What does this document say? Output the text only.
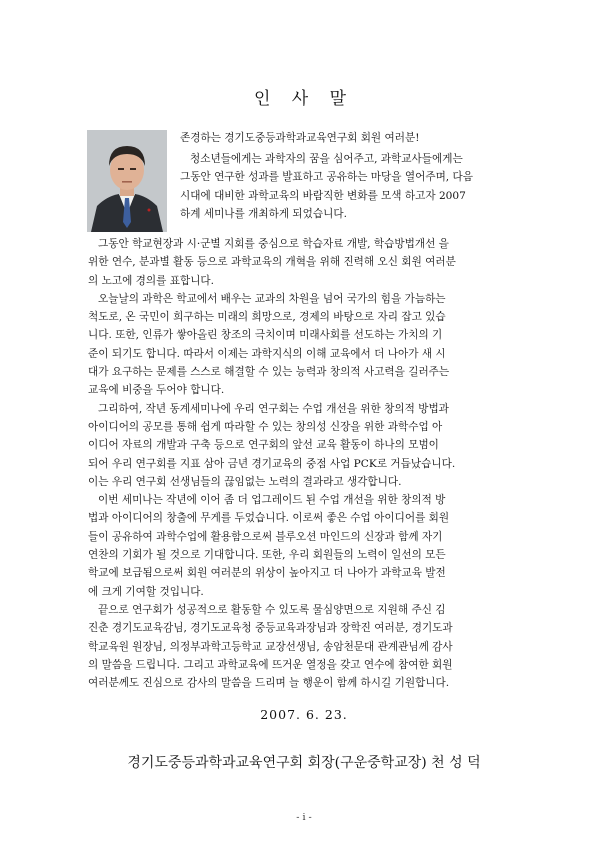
인 사 말
존경하는 경기도중등과학과교육연구회 회원 여러분!
청소년들에게는 과학자의 꿈을 심어주고, 과학교사들에게는
그동안 연구한 성과를 발표하고 공유하는 마당을 열어주며, 다음
시대에 대비한 과학교육의 바람직한 변화를 모색 하고자 2007
하계 세미나를 개최하게 되었습니다.
그동안 학교현장과 시·군별 지회를 중심으로 학습자료 개발, 학습방법개선 을
위한 연수, 분과별 활동 등으로 과학교육의 개혁을 위해 진력해 오신 회원 여러분
의 노고에 경의를 표합니다.
오늘날의 과학은 학교에서 배우는 교과의 차원을 넘어 국가의 힘을 가늠하는
척도로, 온 국민이 희구하는 미래의 희망으로, 경제의 바탕으로 자리 잡고 있습
니다. 또한, 인류가 쌓아올린 창조의 극치이며 미래사회를 선도하는 가치의 기
준이 되기도 합니다. 따라서 이제는 과학지식의 이해 교육에서 더 나아가 새 시
대가 요구하는 문제를 스스로 해결할 수 있는 능력과 창의적 사고력을 길러주는
교육에 비중을 두어야 합니다.
그리하여, 작년 동계세미나에 우리 연구회는 수업 개선을 위한 창의적 방법과
아이디어의 공모를 통해 쉽게 따라할 수 있는 창의성 신장을 위한 과학수업 아
이디어 자료의 개발과 구축 등으로 연구회의 앞선 교육 활동이 하나의 모범이
되어 우리 연구회를 지표 삼아 금년 경기교육의 중점 사업 PCK로 거듭났습니다.
이는 우리 연구회 선생님들의 끊임없는 노력의 결과라고 생각합니다.
이번 세미나는 작년에 이어 좀 더 업그레이드 된 수업 개선을 위한 창의적 방
법과 아이디어의 창출에 무게를 두었습니다. 이로써 좋은 수업 아이디어를 회원
들이 공유하여 과학수업에 활용함으로써 블루오션 마인드의 신장과 함께 자기
연찬의 기회가 될 것으로 기대합니다. 또한, 우리 회원들의 노력이 일선의 모든
학교에 보급됨으로써 회원 여러분의 위상이 높아지고 더 나아가 과학교육 발전
에 크게 기여할 것입니다.
끝으로 연구회가 성공적으로 활동할 수 있도록 물심양면으로 지원해 주신 김
진춘 경기도교육감님, 경기도교육청 중등교육과장님과 장학진 여러분, 경기도과
학교육원 원장님, 의정부과학고등학교 교장선생님, 송암천문대 관계관님께 감사
의 말씀을 드립니다. 그리고 과학교육에 뜨거운 열정을 갖고 연수에 참여한 회원
여러분께도 진심으로 감사의 말씀을 드리며 늘 행운이 함께 하시길 기원합니다.
2007. 6. 23.
경기도중등과학과교육연구회 회장(구운중학교장) 천 성 덕
- ⅰ -
